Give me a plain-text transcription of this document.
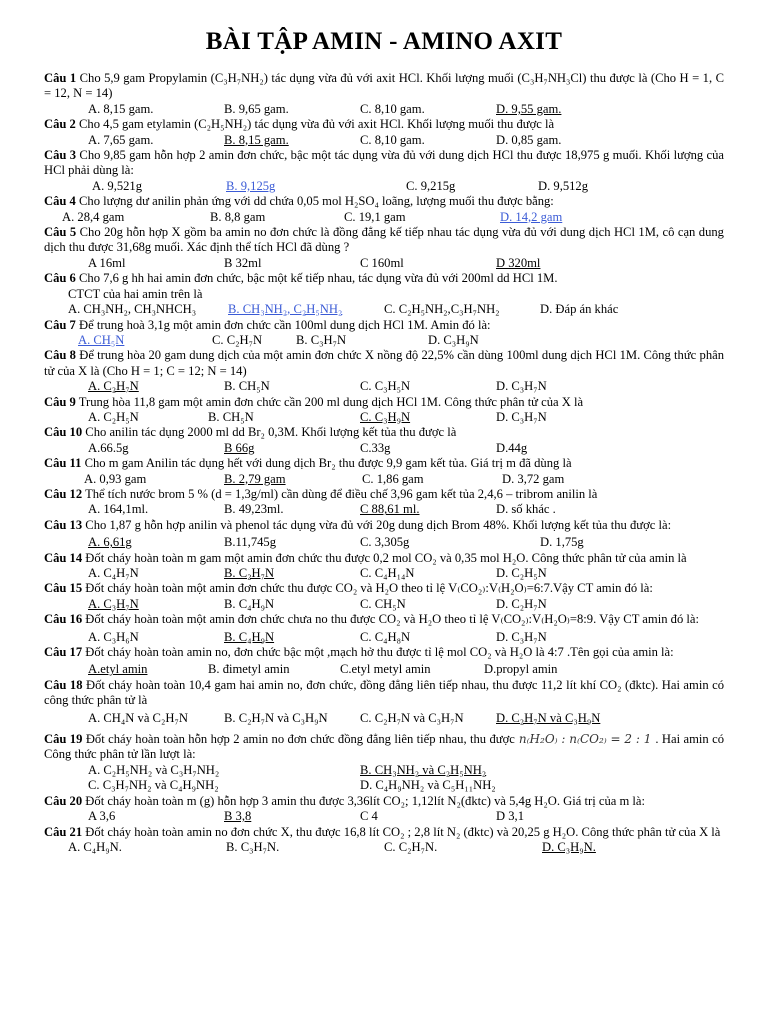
BÀI TẬP AMIN - AMINO AXIT
Câu 1 Cho 5,9 gam Propylamin (C₃H₇NH₂) tác dụng vừa đủ với axit HCl. Khối lượng muối (C₃H₇NH₃Cl) thu được là (Cho H = 1, C = 12, N = 14)
A. 8,15 gam.	B. 9,65 gam.	C. 8,10 gam.	D. 9,55 gam.
Câu 2 Cho 4,5 gam etylamin (C₂H₅NH₂) tác dụng vừa đủ với axit HCl. Khối lượng muối thu được là
A. 7,65 gam.	B. 8,15 gam.	C. 8,10 gam.	D. 0,85 gam.
Câu 3 Cho 9,85 gam hỗn hợp 2 amin đơn chức, bậc một tác dụng vừa đủ với dung dịch HCl thu được 18,975 g muối. Khối lượng của HCl phải dùng là:
A. 9,521g	B. 9,125g	C. 9,215g	D. 9,512g
Câu 4 Cho lượng dư anilin phản ứng với dd chứa 0,05 mol H₂SO₄ loãng, lượng muối thu được bằng:
A. 28,4 gam	B. 8,8 gam	C. 19,1 gam	D. 14,2 gam
Câu 5 Cho 20g hỗn hợp X gồm ba amin no đơn chức là đồng đẳng kế tiếp nhau tác dụng vừa đủ với dung dịch HCl 1M, cô cạn dung dịch thu được 31,68g muối. Xác định thể tích HCl đã dùng ?
A 16ml	B 32ml	C 160ml	D 320ml
Câu 6 Cho 7,6 g hh hai amin đơn chức, bậc một kế tiếp nhau, tác dụng vừa đủ với 200ml dd HCl 1M.
CTCT của hai amin trên là
A. CH₃NH₂, CH₃NHCH₃	B. CH₃NH₂, C₂H₅NH₂	C. C₂H₅NH₂,C₃H₇NH₂	D. Đáp án khác
Câu 7 Để trung hoà 3,1g một amin đơn chức cần 100ml dung dịch HCl 1M. Amin đó là:
A. CH₅N	C. C₂H₇N	B. C₃H₇N	D. C₃H₉N
Câu 8 Để trung hòa 20 gam dung dịch của một amin đơn chức X nồng độ 22,5% cần dùng 100ml dung dịch HCl 1M. Công thức phân tử của X là (Cho H = 1; C = 12; N = 14)
A. C₂H₇N	B. CH₅N	C. C₃H₅N	D. C₃H₇N
Câu 9 Trung hòa 11,8 gam một amin đơn chức cần 200 ml dung dịch HCl 1M. Công thức phân tử của X là
A. C₂H₅N	B. CH₅N	C. C₃H₉N	D. C₃H₇N
Câu 10 Cho anilin tác dụng 2000 ml dd Br₂ 0,3M. Khối lượng kết tủa thu được là
A.66.5g	B 66g	C.33g	D.44g
Câu 11 Cho m gam Anilin tác dụng hết với dung dịch Br₂ thu được 9,9 gam kết tủa. Giá trị m đã dùng là
A. 0,93 gam	B. 2,79 gam	C. 1,86 gam	D. 3,72 gam
Câu 12 Thể tích nước brom 5 % (d = 1,3g/ml) cần dùng để điều chế 3,96 gam kết tủa 2,4,6 – tribrom anilin là
A. 164,1ml.	B. 49,23ml.	C 88,61 ml.	D. số khác .
Câu 13 Cho 1,87 g hỗn hợp anilin và phenol tác dụng vừa đủ với 20g dung dịch Brom 48%. Khối lượng kết tủa thu được là:
A. 6,61g	B.11,745g	C. 3,305g	D. 1,75g
Câu 14 Đốt cháy hoàn toàn m gam một amin đơn chức thu được 0,2 mol CO₂ và 0,35 mol H₂O. Công thức phân tử của amin là
A. C₄H₇N	B. C₂H₇N	C. C₄H₁₄N	D. C₂H₅N
Câu 15 Đốt cháy hoàn toàn một amin đơn chức thu được CO₂ và H₂O theo tỉ lệ V₍CO₂₎:V₍H₂O₎=6:7.Vậy CT amin đó là:
A. C₃H₇N	B. C₄H₉N	C. CH₅N	D. C₂H₇N
Câu 16 Đốt cháy hoàn toàn một amin đơn chức chưa no thu được CO₂ và H₂O theo tỉ lệ V₍CO₂₎:V₍H₂O₎=8:9. Vậy CT amin đó là:
A. C₃H₆N	B. C₄H₉N	C. C₄H₈N	D. C₃H₇N
Câu 17 Đốt cháy hoàn toàn amin no, đơn chức bậc một ,mạch hở thu được tỉ lệ mol CO₂ và H₂O là 4:7 .Tên gọi của amin là:
A.etyl amin	B. đimetyl amin	C.etyl metyl amin	D.propyl amin
Câu 18 Đốt cháy hoàn toàn 10,4 gam hai amin no, đơn chức, đồng đẳng liên tiếp nhau, thu được 11,2 lít khí CO₂ (đktc). Hai amin có công thức phân tử là
A. CH₄N và C₂H₇N	B. C₂H₇N và C₃H₉N	C. C₂H₇N và C₃H₇N	D. C₂H₇N và C₃H₉N
Câu 19 Đốt cháy hoàn toàn hỗn hợp 2 amin no đơn chức đồng đẳng liên tiếp nhau, thu được n₍H₂O₎ : n₍CO₂₎ = 2 : 1 . Hai amin có Công thức phân tử lần lượt là:
A. C₂H₅NH₂ và C₃H₇NH₂	B. CH₃NH₂ và C₂H₅NH₂
C. C₃H₇NH₂ và C₄H₉NH₂	D. C₄H₉NH₂ và C₅H₁₁NH₂
Câu 20 Đốt cháy hoàn toàn m (g) hỗn hợp 3 amin thu được 3,36lít CO₂; 1,12lít N₂(đktc) và 5,4g H₂O. Giá trị của m là:
A 3,6	B 3,8	C 4	D 3,1
Câu 21 Đốt cháy hoàn toàn amin no đơn chức X, thu được 16,8 lít CO₂ ; 2,8 lít N₂ (đktc) và 20,25 g H₂O. Công thức phân tử của X là
A. C₄H₉N.	B. C₃H₇N.	C. C₂H₇N.	D. C₃H₉N.
